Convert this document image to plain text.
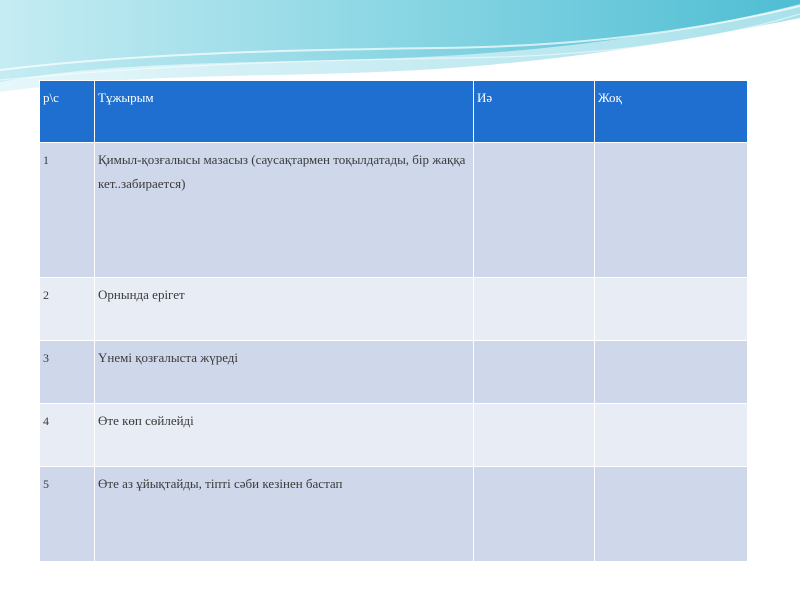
р\с	Тұжырым	Иә	Жоқ
1	Қимыл-қозғалысы мазасыз (саусақтармен тоқылдатады, бір жаққа кет..забирается)		
2	Орнында ерігет		
3	Үнемі қозғалыста жүреді		
4	Өте көп сөйлейді		
5	Өте аз ұйықтайды, тіпті сәби кезінен бастап		
